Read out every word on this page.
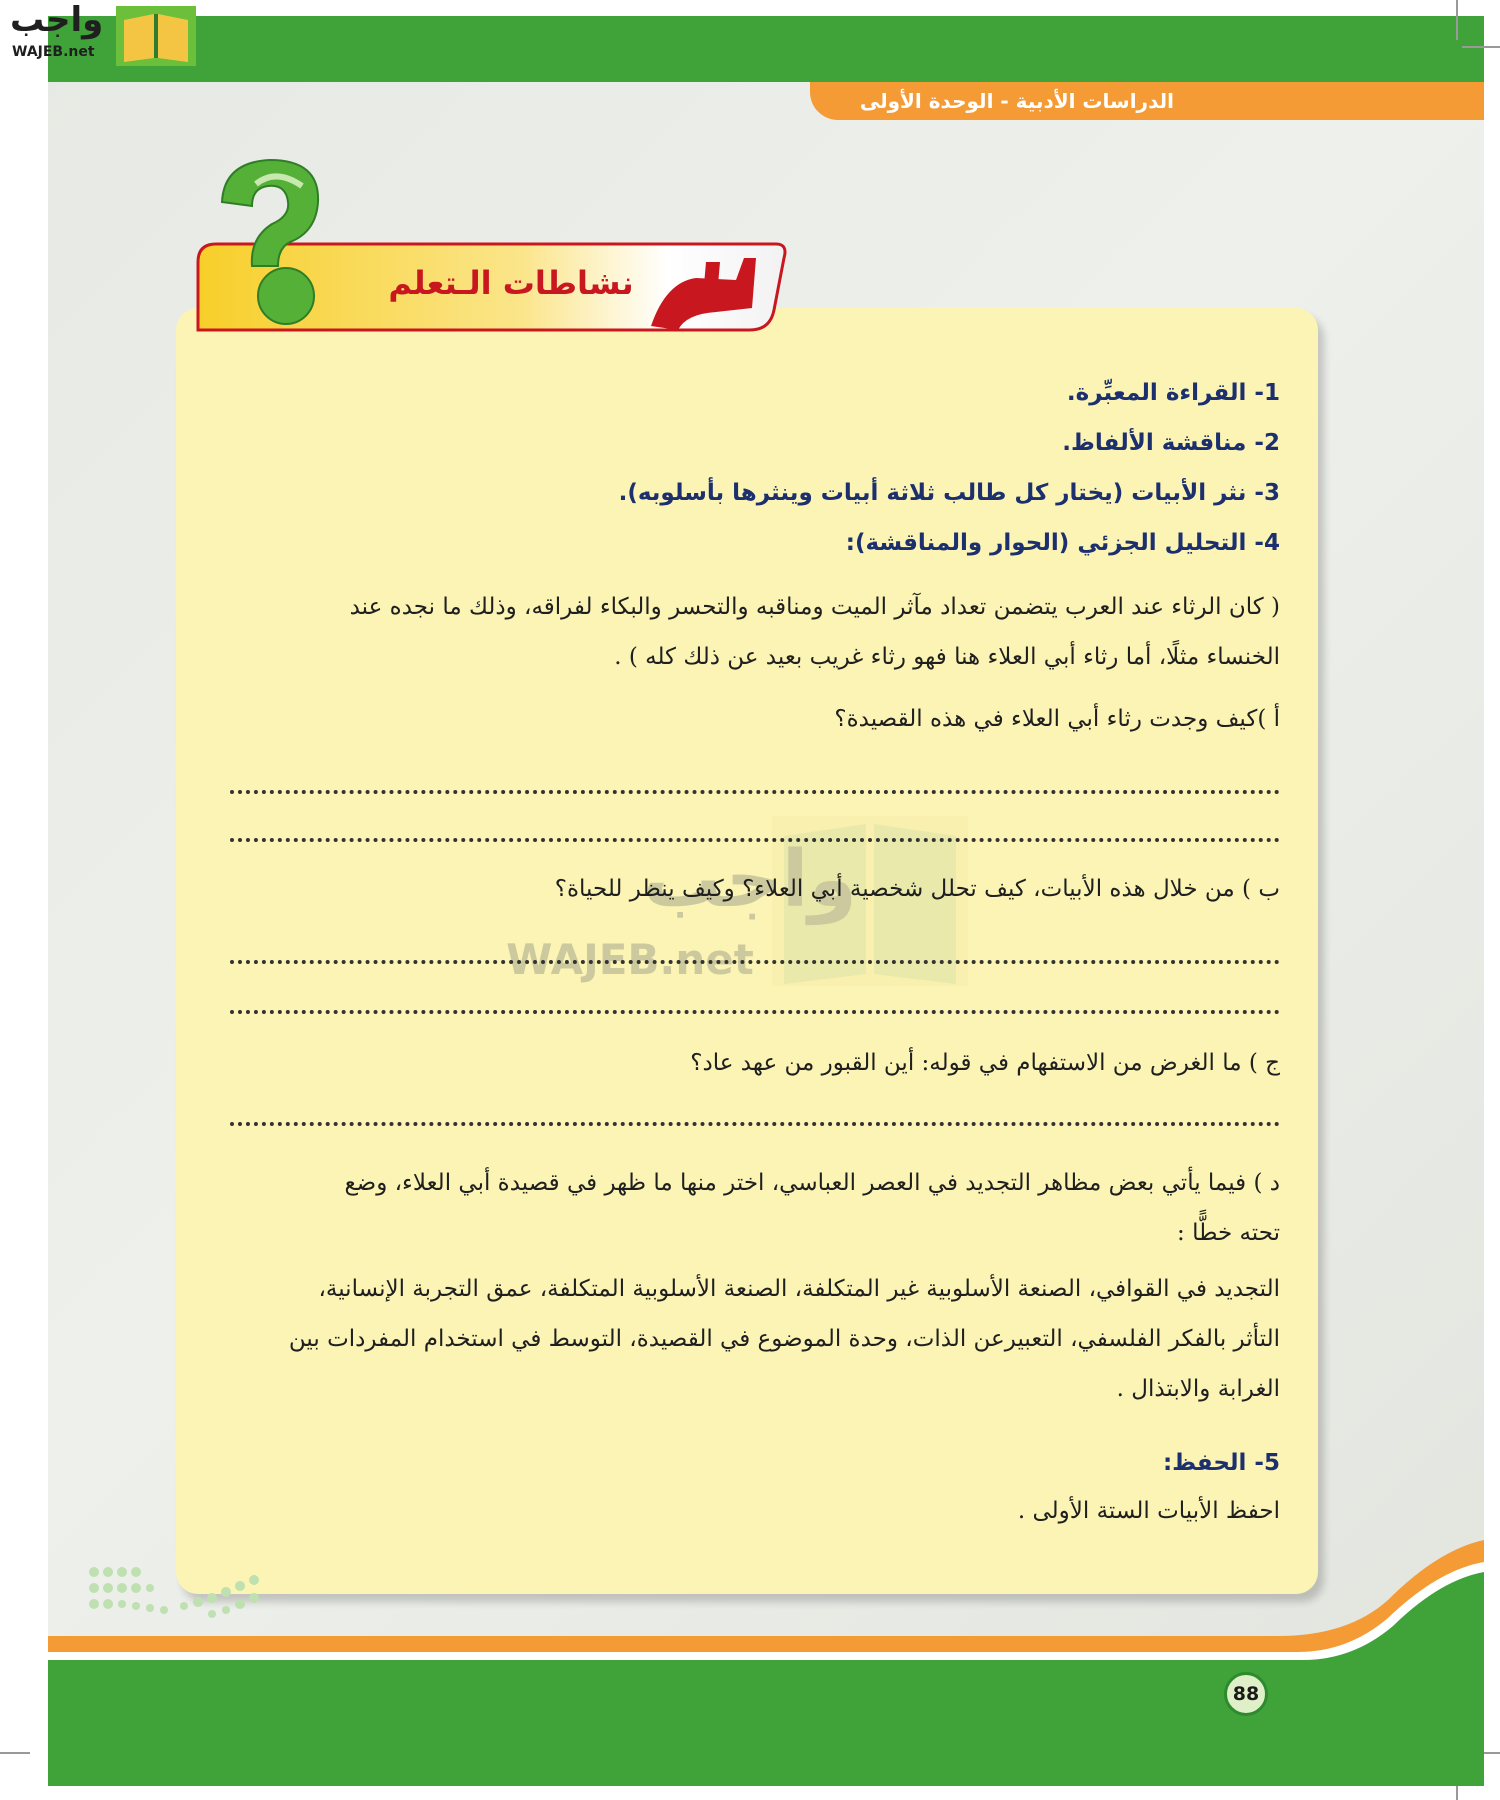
الدراسات الأدبية - الوحدة الأولى
واجب
WAJEB.net
نشاطات الـتعلم
واجب
WAJEB.net
1- القراءة المعبِّرة.
2- مناقشة الألفاظ.
3- نثر الأبيات (يختار كل طالب ثلاثة أبيات وينثرها بأسلوبه).
4- التحليل الجزئي (الحوار والمناقشة):
( كان الرثاء عند العرب يتضمن تعداد مآثر الميت ومناقبه والتحسر والبكاء لفراقه، وذلك ما نجده عند
الخنساء مثلًا، أما رثاء أبي العلاء هنا فهو رثاء غريب بعيد عن ذلك كله ) .
أ )كيف وجدت رثاء أبي العلاء في هذه القصيدة؟
ب ) من خلال هذه الأبيات، كيف تحلل شخصية أبي العلاء؟ وكيف ينظر للحياة؟
ج ) ما الغرض من الاستفهام في قوله: أين القبور من عهد عاد؟
د ) فيما يأتي بعض مظاهر التجديد في العصر العباسي، اختر منها ما ظهر في قصيدة أبي العلاء، وضع
تحته خطًّا :
التجديد في القوافي، الصنعة الأسلوبية غير المتكلفة، الصنعة الأسلوبية المتكلفة، عمق التجربة الإنسانية،
التأثر بالفكر الفلسفي، التعبيرعن الذات، وحدة الموضوع في القصيدة، التوسط في استخدام المفردات بين
الغرابة والابتذال .
5- الحفظ:
احفظ الأبيات الستة الأولى .
88
